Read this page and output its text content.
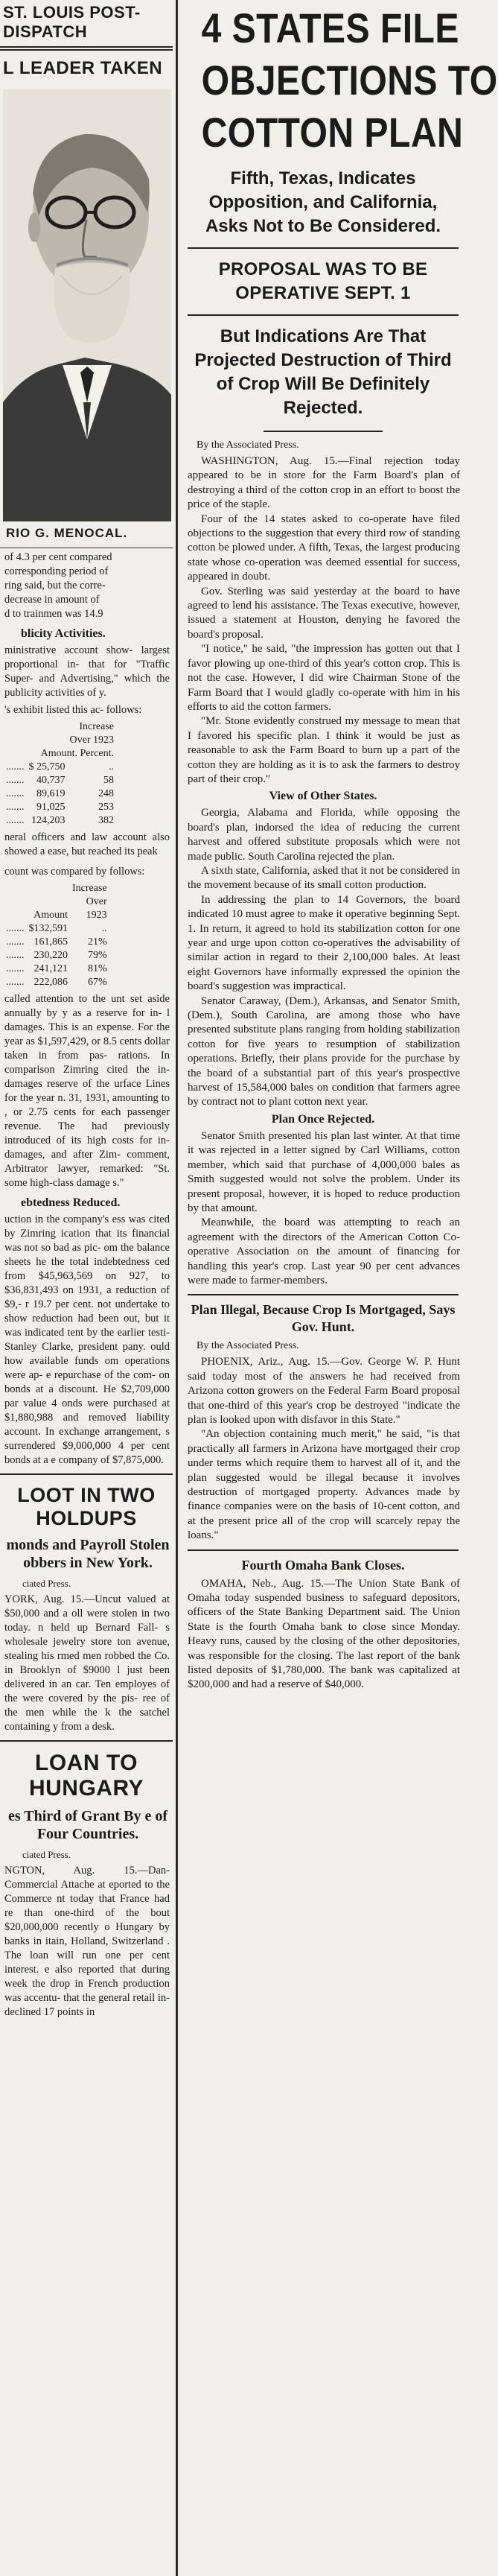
ST. LOUIS POST-DISPATCH
L LEADER TAKEN
RIO G. MENOCAL.

of 4.3 per cent compared

corresponding period of

ring said, but the corre-

decrease in amount of

d to trainmen was 14.9

blicity Activities.
ministrative account show- largest proportional in- that for "Traffic Super- and Advertising," which the publicity activities of y.
's exhibit listed this ac- follows:
		Increase
		Over 1923
	Amount. Percent.	
.......	$ 25,750	..
.......	40,737	58
.......	89,619	248
.......	91,025	253
.......	124,203	382
neral officers and law account also showed a ease, but reached its peak
count was compared by follows:
		Increase
		Over
	Amount	1923
.......	$132,591	..
.......	161,865	21%
.......	230,220	79%
.......	241,121	81%
.......	222,086	67%
called attention to the unt set aside annually by y as a reserve for in- l damages. This is an expense. For the year as $1,597,429, or 8.5 cents dollar taken in from pas- rations. In comparison Zimring cited the in- damages reserve of the urface Lines for the year n. 31, 1931, amounting to , or 2.75 cents for each passenger revenue. The had previously introduced of its high costs for in- damages, and after Zim- comment, Arbitrator lawyer, remarked: "St. some high-class damage s."
ebtedness Reduced.
uction in the company's ess was cited by Zimring ication that its financial was not so bad as pic- om the balance sheets he the total indebtedness ced from $45,963,569 on 927, to $36,831,493 on 1931, a reduction of $9,- r 19.7 per cent. not undertake to show reduction had been out, but it was indicated tent by the earlier testi- Stanley Clarke, president pany. ould how available funds om operations were ap- e repurchase of the com- on bonds at a discount. He $2,709,000 par value 4 onds were purchased at $1,880,988 and removed liability account. In exchange arrangement, s surrendered $9,000,000 4 per cent bonds at a e company of $7,875,000.
LOOT IN TWO HOLDUPS
monds and Payroll Stolen obbers in New York.
ciated Press.
YORK, Aug. 15.—Uncut valued at $50,000 and a oll were stolen in two today. n held up Bernard Fall- s wholesale jewelry store ton avenue, stealing his rmed men robbed the Co. in Brooklyn of $9000 l just been delivered in an car. Ten employes of the were covered by the pis- ree of the men while the k the satchel containing y from a desk.
LOAN TO HUNGARY
es Third of Grant By e of Four Countries.
ciated Press.
NGTON, Aug. 15.—Dan- Commercial Attache at eported to the Commerce nt today that France had re than one-third of the bout $20,000,000 recently o Hungary by banks in itain, Holland, Switzerland . The loan will run one per cent interest. e also reported that during week the drop in French production was accentu- that the general retail in- declined 17 points in
4 STATES FILE
OBJECTIONS TO
COTTON PLAN
Fifth, Texas, Indicates Opposition, and California, Asks Not to Be Considered.
PROPOSAL WAS TO BE OPERATIVE SEPT. 1
But Indications Are That Projected Destruction of Third of Crop Will Be Definitely Rejected.
By the Associated Press.

WASHINGTON, Aug. 15.—Final rejection today appeared to be in store for the Farm Board's plan of destroying a third of the cotton crop in an effort to boost the price of the staple.

Four of the 14 states asked to co-operate have filed objections to the suggestion that every third row of standing cotton be plowed under. A fifth, Texas, the largest producing state whose co-operation was deemed essential for success, appeared in doubt.

Gov. Sterling was said yesterday at the board to have agreed to lend his assistance. The Texas executive, however, issued a statement at Houston, denying he favored the board's proposal.

"I notice," he said, "the impression has gotten out that I favor plowing up one-third of this year's cotton crop. This is not the case. However, I did wire Chairman Stone of the Farm Board that I would gladly co-operate with him in his efforts to aid the cotton farmers.

"Mr. Stone evidently construed my message to mean that I favored his specific plan. I think it would be just as reasonable to ask the Farm Board to burn up a part of the cotton they are holding as it is to ask the farmers to destroy part of their crop."

View of Other States.

Georgia, Alabama and Florida, while opposing the board's plan, indorsed the idea of reducing the current harvest and offered substitute proposals which were not made public. South Carolina rejected the plan.

A sixth state, California, asked that it not be considered in the movement because of its small cotton production.

In addressing the plan to 14 Governors, the board indicated 10 must agree to make it operative beginning Sept. 1. In return, it agreed to hold its stabilization cotton for one year and urge upon cotton co-operatives the advisability of similar action in regard to their 2,100,000 bales. At least eight Governors have informally expressed the opinion the board's suggestion was impractical.

Senator Caraway, (Dem.), Arkansas, and Senator Smith, (Dem.), South Carolina, are among those who have presented substitute plans ranging from holding stabilization cotton for five years to resumption of stabilization operations. Briefly, their plans provide for the purchase by the board of a substantial part of this year's prospective harvest of 15,584,000 bales on condition that farmers agree by contract not to plant cotton next year.

Plan Once Rejected.

Senator Smith presented his plan last winter. At that time it was rejected in a letter signed by Carl Williams, cotton member, which said that purchase of 4,000,000 bales as Smith suggested would not solve the problem. Under its present proposal, however, it is hoped to reduce production by that amount.

Meanwhile, the board was attempting to reach an agreement with the directors of the American Cotton Co-operative Association on the amount of financing for handling this year's crop. Last year 90 per cent advances were made to farmer-members.

Plan Illegal, Because Crop Is Mortgaged, Says Gov. Hunt.
By the Associated Press.

PHOENIX, Ariz., Aug. 15.—Gov. George W. P. Hunt said today most of the answers he had received from Arizona cotton growers on the Federal Farm Board proposal that one-third of this year's crop be destroyed "indicate the plan is looked upon with disfavor in this State."

"An objection containing much merit," he said, "is that practically all farmers in Arizona have mortgaged their crop under terms which require them to harvest all of it, and the plan suggested would be illegal because it involves destruction of mortgaged property. Advances made by finance companies were on the basis of 10-cent cotton, and at the present price all of the crop will scarcely repay the loans."

Fourth Omaha Bank Closes.

OMAHA, Neb., Aug. 15.—The Union State Bank of Omaha today suspended business to safeguard depositors, officers of the State Banking Department said. The Union State is the fourth Omaha bank to close since Monday. Heavy runs, caused by the closing of the other depositories, was responsible for the closing. The last report of the bank listed deposits of $1,780,000. The bank was capitalized at $200,000 and had a reserve of $40,000.
